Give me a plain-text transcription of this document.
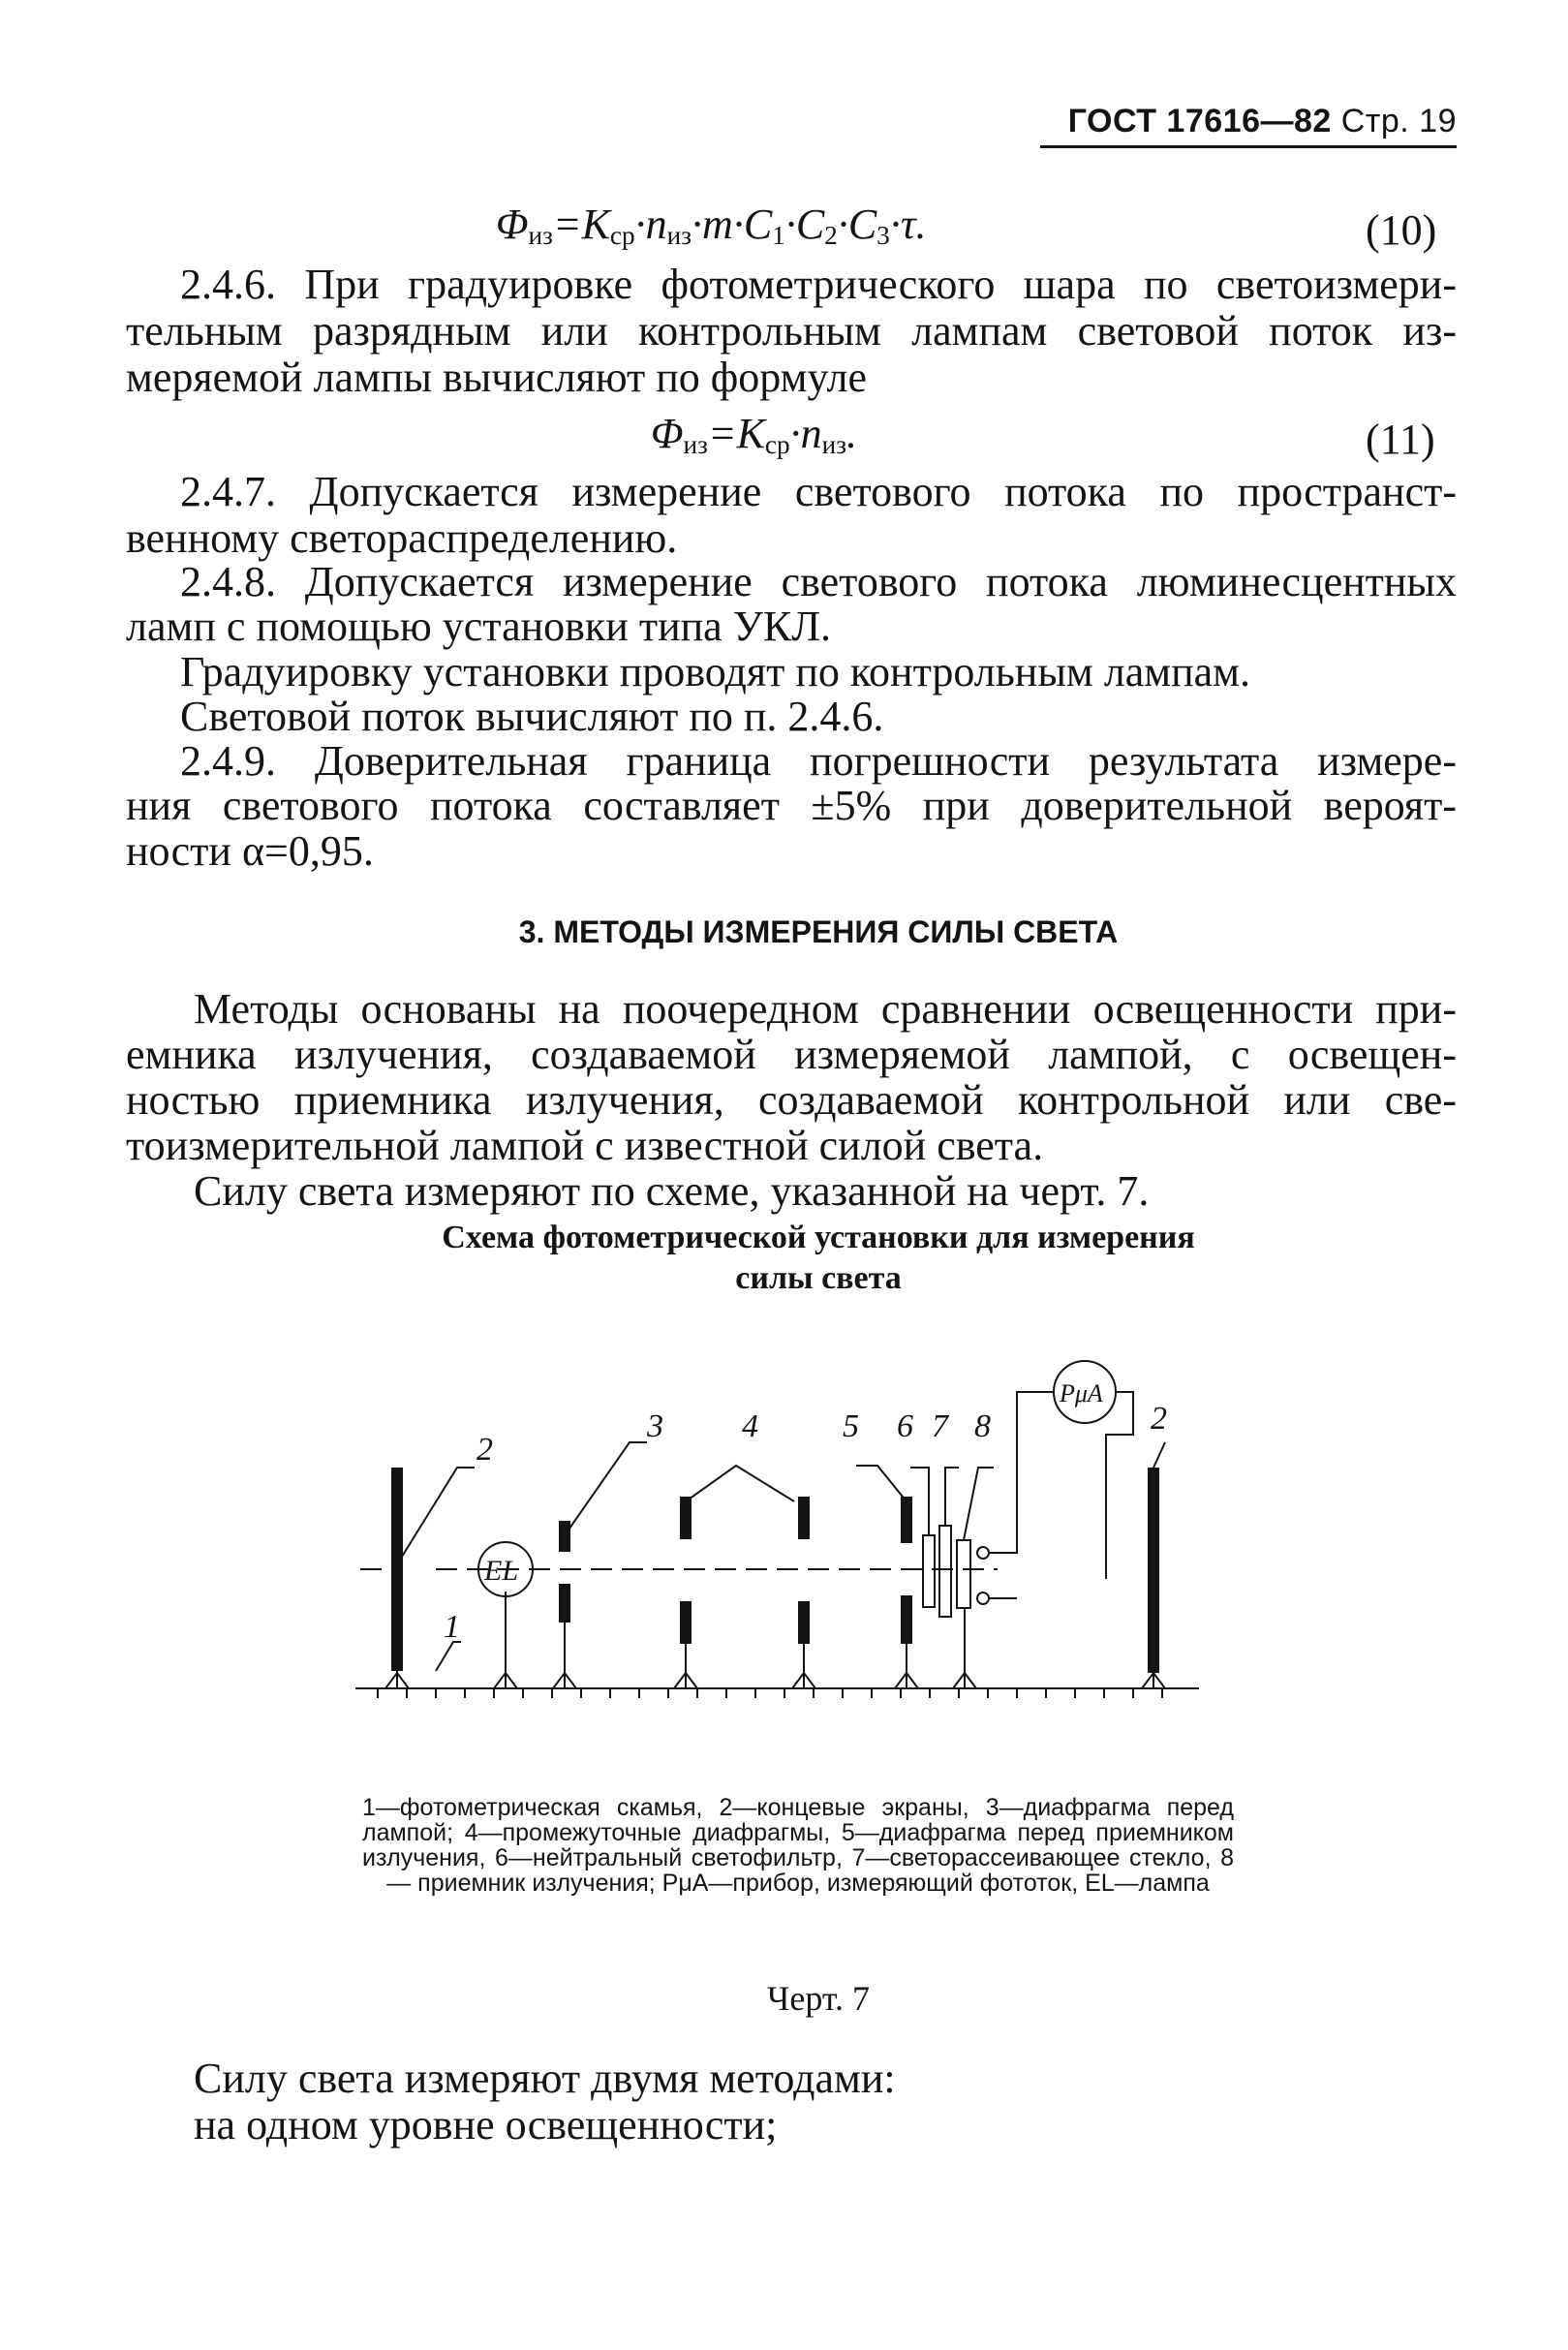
ГОСТ 17616—82 Стр. 19
$\Phi_{из}=K_{ср}\cdot n_{из}\cdot m\cdot C_1\cdot C_2\cdot C_3\cdot\tau$.	(10)
2.4.6. При градуировке фотометрического шара по светоизмери-
тельным разрядным или контрольным лампам световой поток из-
меряемой лампы вычисляют по формуле
$\Phi_{из}=K_{ср}\cdot n_{из}$.	(11)
2.4.7. Допускается измерение светового потока по пространст-
венному светораспределению.
2.4.8. Допускается измерение светового потока люминесцентных
ламп с помощью установки типа УКЛ.
Градуировку установки проводят по контрольным лампам.
Световой поток вычисляют по п. 2.4.6.
2.4.9. Доверительная граница погрешности результата измере-
ния светового потока составляет ±5% при доверительной вероят-
ности α=0,95.
3. МЕТОДЫ ИЗМЕРЕНИЯ СИЛЫ СВЕТА
Методы основаны на поочередном сравнении освещенности при-
емника излучения, создаваемой измеряемой лампой, с освещен-
ностью приемника излучения, создаваемой контрольной или све-
тоизмерительной лампой с известной силой света.
Силу света измеряют по схеме, указанной на черт. 7.
Схема фотометрической установки для измерения
силы света
2
1
3 4	5 6 7 8	2
EL
PμA
1—фотометрическая скамья, 2—концевые экраны, 3—диафрагма перед лампой; 4—промежуточные диафрагмы, 5—диафрагма перед приемником излучения, 6—нейтральный светофильтр, 7—светорассеивающее стекло, 8 — приемник излучения; PμA—прибор, измеряющий фототок, EL—лампа
Черт. 7
Силу света измеряют двумя методами:
на одном уровне освещенности;
